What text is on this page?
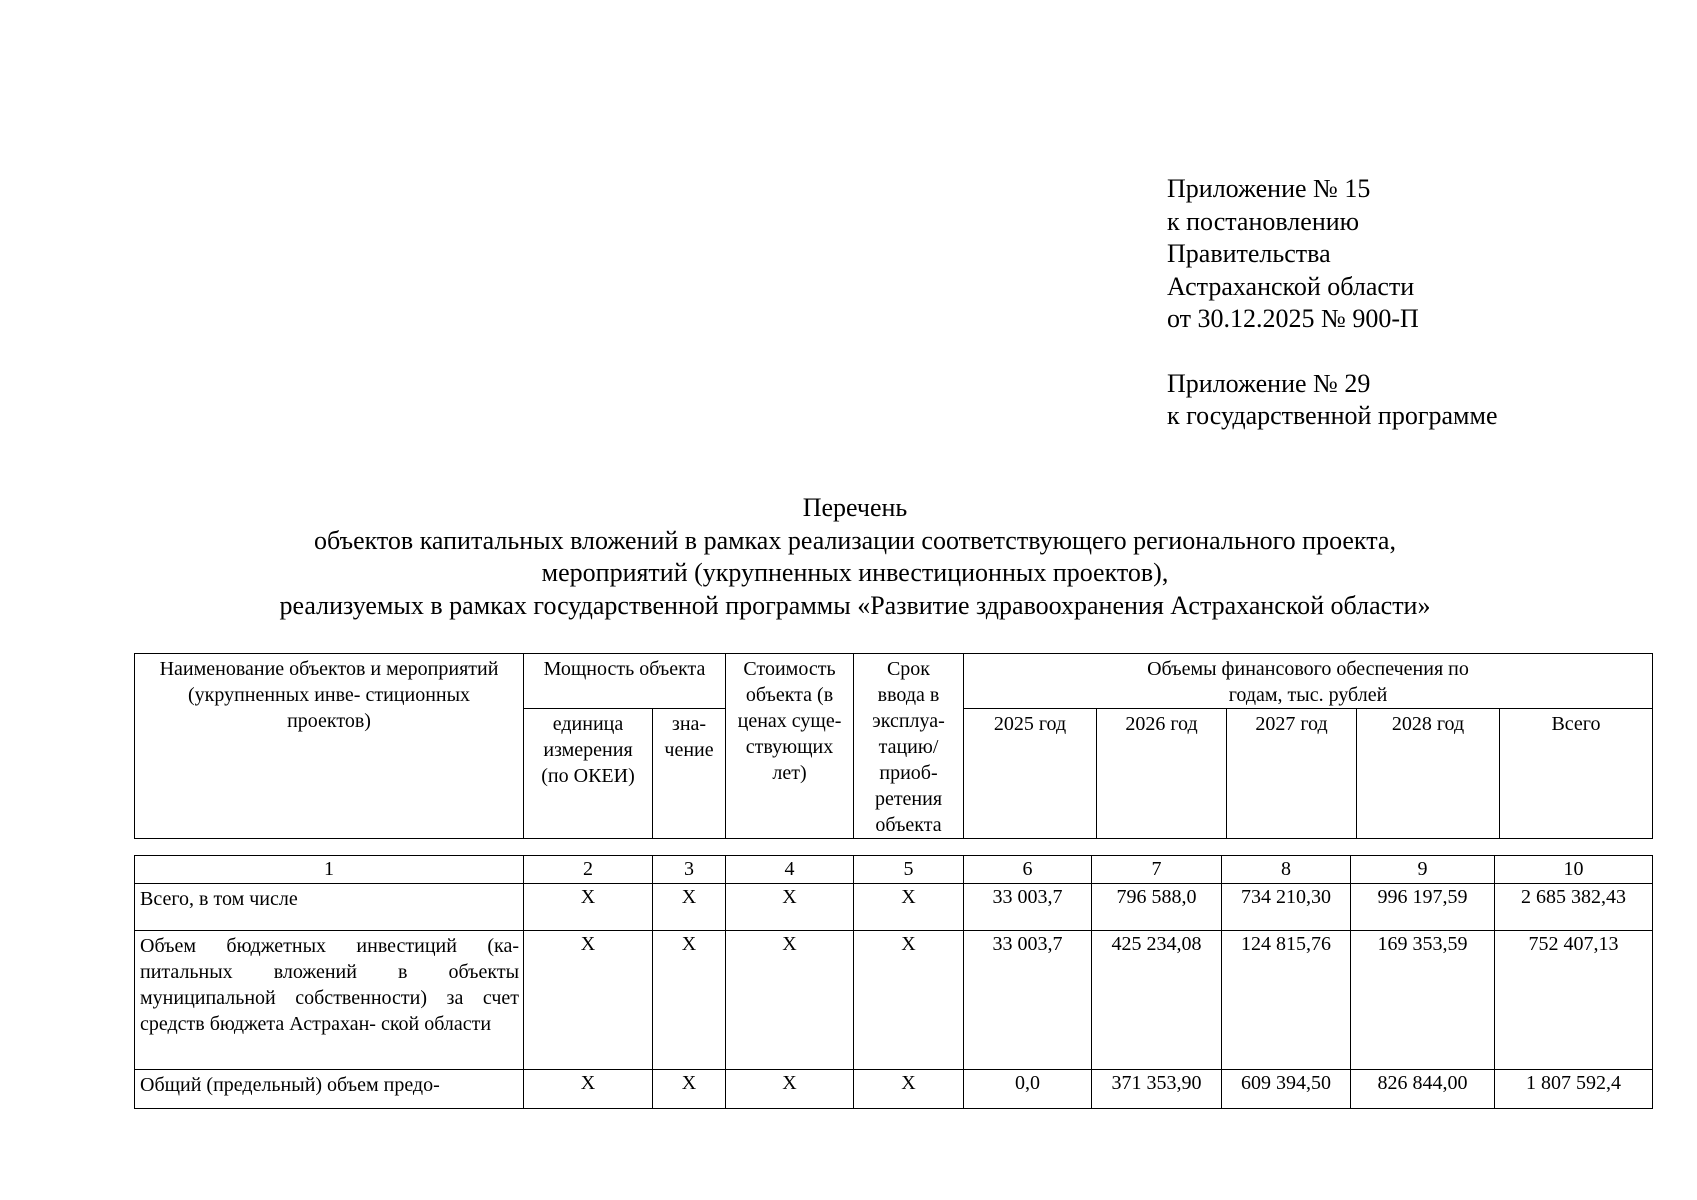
Приложение № 15
к постановлению
Правительства
Астраханской области
от 30.12.2025 № 900-П
Приложение № 29
к государственной программе
Перечень
объектов капитальных вложений в рамках реализации соответствующего регионального проекта,
мероприятий (укрупненных инвестиционных проектов),
реализуемых в рамках государственной программы «Развитие здравоохранения Астраханской области»
Наименование объектов и мероприятий (укрупненных инве- стиционных проектов)	Мощность объекта		Стоимость объекта (в ценах суще- ствующих лет)	Срок ввода в эксплуа- тацию/ приоб- ретения объекта	Объемы финансового обеспечения по годам, тыс. рублей				
	единица измерения (по ОКЕИ)	зна- чение			2025 год	2026 год	2027 год	2028 год	Всего
1	2	3	4	5	6	7	8	9	10
Всего, в том числе	Х	Х	Х	Х	33 003,7	796 588,0	734 210,30	996 197,59	2 685 382,43
Объем бюджетных инвестиций (ка- питальных вложений в объекты муниципальной собственности) за счет средств бюджета Астрахан- ской области	Х	Х	Х	Х	33 003,7	425 234,08	124 815,76	169 353,59	752 407,13
Общий (предельный) объем предо-	Х	Х	Х	Х	0,0	371 353,90	609 394,50	826 844,00	1 807 592,4
